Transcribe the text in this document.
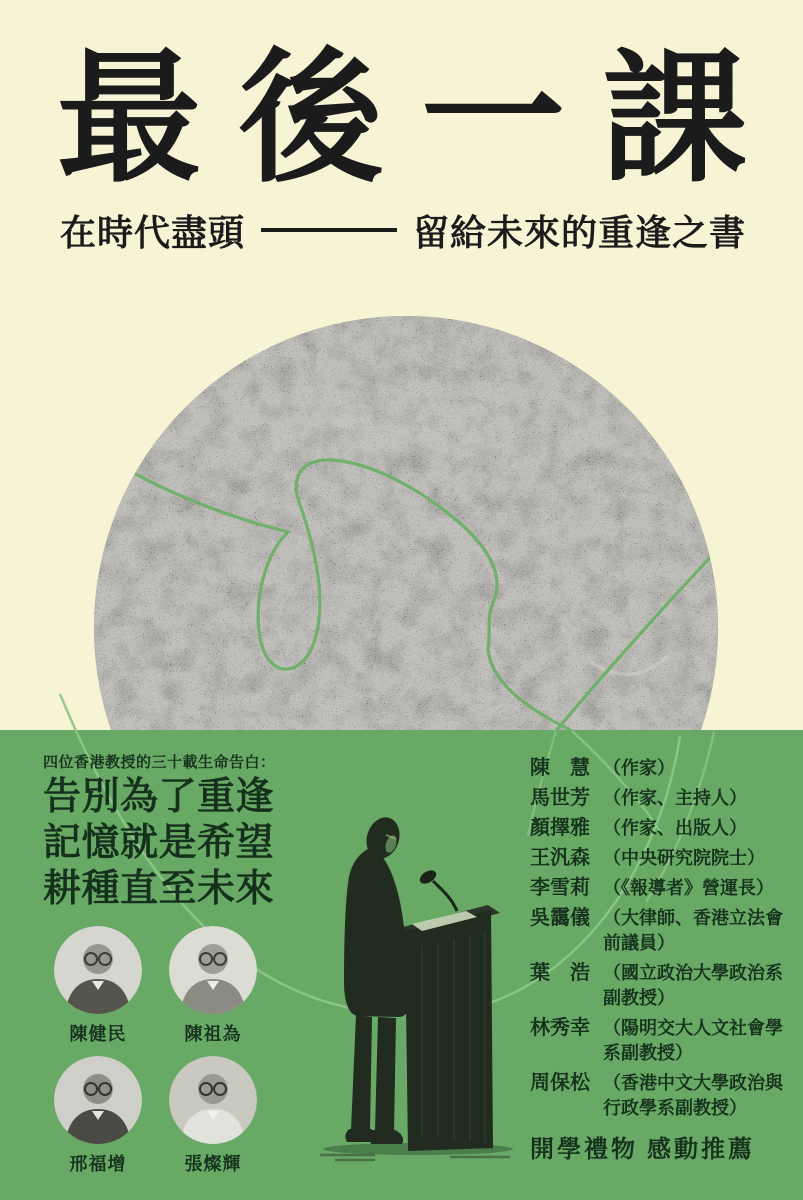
最 後 一 課
在時代盡頭	留給未來的重逢之書
四位香港教授的三十載生命告白：
告別為了重逢
記憶就是希望
耕種直至未來
陳健民	陳祖為
邢福增	張燦輝
陳　慧 （作家）
馬世芳 （作家、主持人）
顏擇雅 （作家、出版人）
王汎森 （中央研究院院士）
李雪莉 （《報導者》營運長）
吳靄儀 （大律師、香港立法會前議員）
葉　浩 （國立政治大學政治系副教授）
林秀幸 （陽明交大人文社會學系副教授）
周保松 （香港中文大學政治與行政學系副教授）
開學禮物 感動推薦
